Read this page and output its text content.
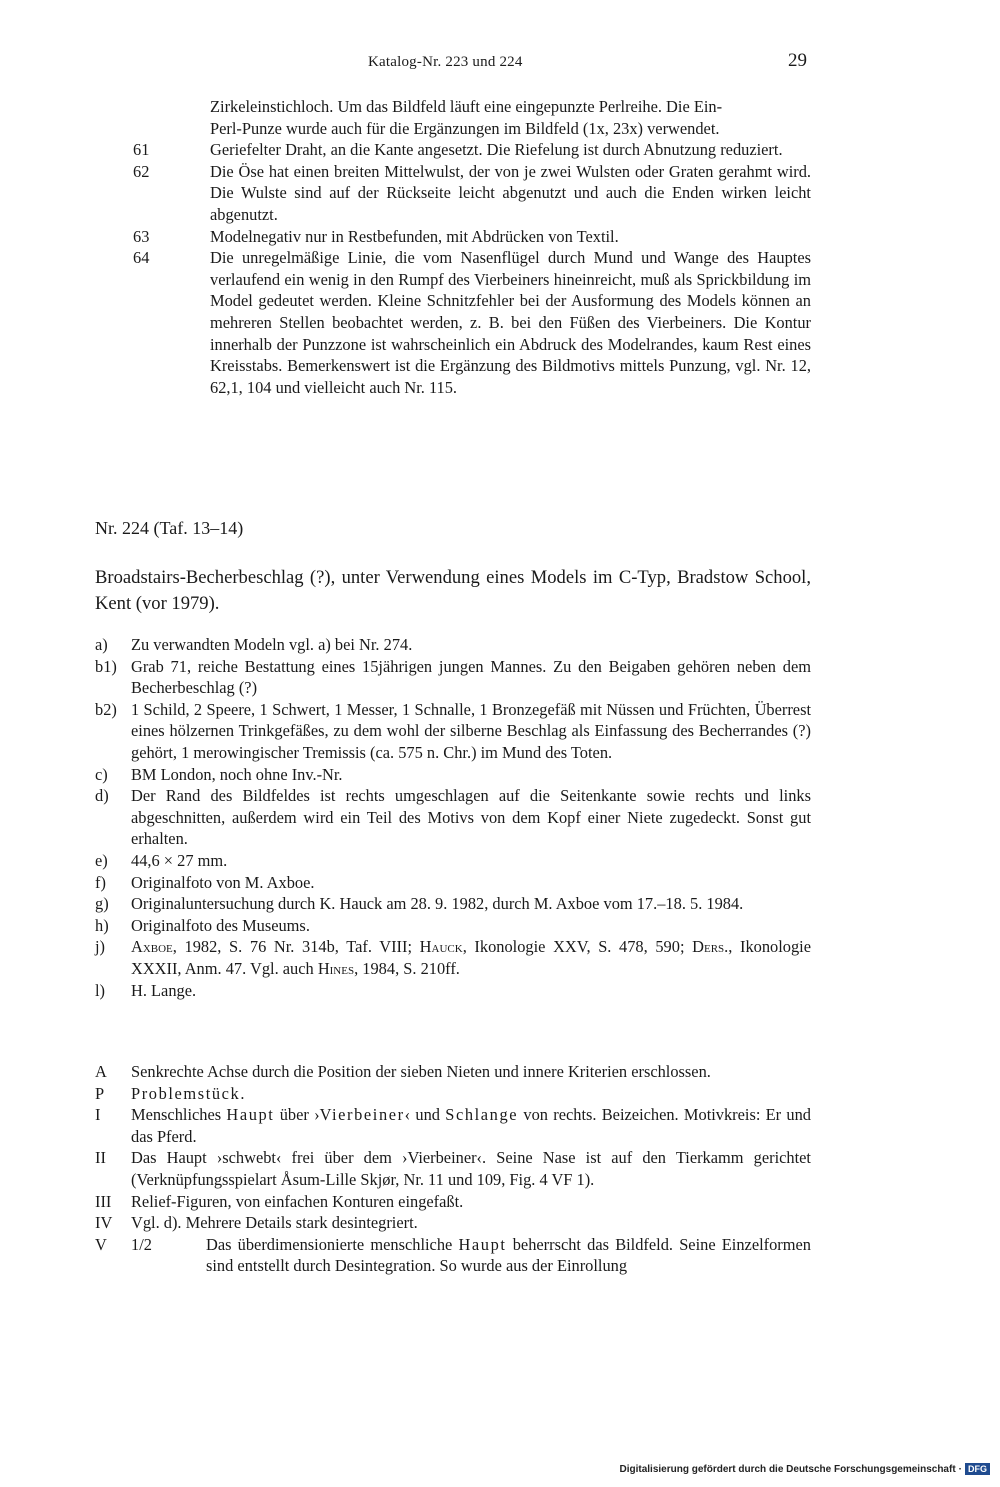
Katalog-Nr. 223 und 224	29
Zirkeleinstichloch. Um das Bildfeld läuft eine eingepunzte Perlreihe. Die Ein-
Perl-Punze wurde auch für die Ergänzungen im Bildfeld (1x, 23x) verwendet.
61	Geriefelter Draht, an die Kante angesetzt. Die Riefelung ist durch Abnutzung reduziert.
62	Die Öse hat einen breiten Mittelwulst, der von je zwei Wulsten oder Graten gerahmt wird. Die Wulste sind auf der Rückseite leicht abgenutzt und auch die Enden wirken leicht abgenutzt.
63	Modelnegativ nur in Restbefunden, mit Abdrücken von Textil.
64	Die unregelmäßige Linie, die vom Nasenflügel durch Mund und Wange des Hauptes verlaufend ein wenig in den Rumpf des Vierbeiners hineinreicht, muß als Sprickbildung im Model gedeutet werden. Kleine Schnitzfehler bei der Ausformung des Models können an mehreren Stellen beobachtet werden, z. B. bei den Füßen des Vierbeiners. Die Kontur innerhalb der Punzzone ist wahrscheinlich ein Abdruck des Modelrandes, kaum Rest eines Kreisstabs. Bemerkenswert ist die Ergänzung des Bildmotivs mittels Punzung, vgl. Nr. 12, 62,1, 104 und vielleicht auch Nr. 115.
Nr. 224 (Taf. 13–14)
Broadstairs-Becherbeschlag (?), unter Verwendung eines Models im C-Typ, Bradstow School, Kent (vor 1979).
a)	Zu verwandten Modeln vgl. a) bei Nr. 274.
b1) Grab 71, reiche Bestattung eines 15jährigen jungen Mannes. Zu den Beigaben gehören neben dem Becherbeschlag (?)
b2) 1 Schild, 2 Speere, 1 Schwert, 1 Messer, 1 Schnalle, 1 Bronzegefäß mit Nüssen und Früchten, Überrest eines hölzernen Trinkgefäßes, zu dem wohl der silberne Beschlag als Einfassung des Becherrandes (?) gehört, 1 merowingischer Tremissis (ca. 575 n. Chr.) im Mund des Toten.
c)	BM London, noch ohne Inv.-Nr.
d)	Der Rand des Bildfeldes ist rechts umgeschlagen auf die Seitenkante sowie rechts und links abgeschnitten, außerdem wird ein Teil des Motivs von dem Kopf einer Niete zugedeckt. Sonst gut erhalten.
e)	44,6 × 27 mm.
f)	Originalfoto von M. Axboe.
g)	Originaluntersuchung durch K. Hauck am 28. 9. 1982, durch M. Axboe vom 17.–18. 5. 1984.
h)	Originalfoto des Museums.
j)	Axboe, 1982, S. 76 Nr. 314b, Taf. VIII; Hauck, Ikonologie XXV, S. 478, 590; Ders., Ikonologie XXXII, Anm. 47. Vgl. auch Hines, 1984, S. 210ff.
l)	H. Lange.
A	Senkrechte Achse durch die Position der sieben Nieten und innere Kriterien erschlossen.
P	Problemstück.
I	Menschliches Haupt über ›Vierbeiner‹ und Schlange von rechts. Beizeichen. Motivkreis: Er und das Pferd.
II	Das Haupt ›schwebt‹ frei über dem ›Vierbeiner‹. Seine Nase ist auf den Tierkamm gerichtet (Verknüpfungsspielart Åsum-Lille Skjør, Nr. 11 und 109, Fig. 4 VF 1).
III	Relief-Figuren, von einfachen Konturen eingefaßt.
IV	Vgl. d). Mehrere Details stark desintegriert.
V	1/2	Das überdimensionierte menschliche Haupt beherrscht das Bildfeld. Seine Einzelformen sind entstellt durch Desintegration. So wurde aus der Einrollung
Digitalisierung gefördert durch die Deutsche Forschungsgemeinschaft · DFG
